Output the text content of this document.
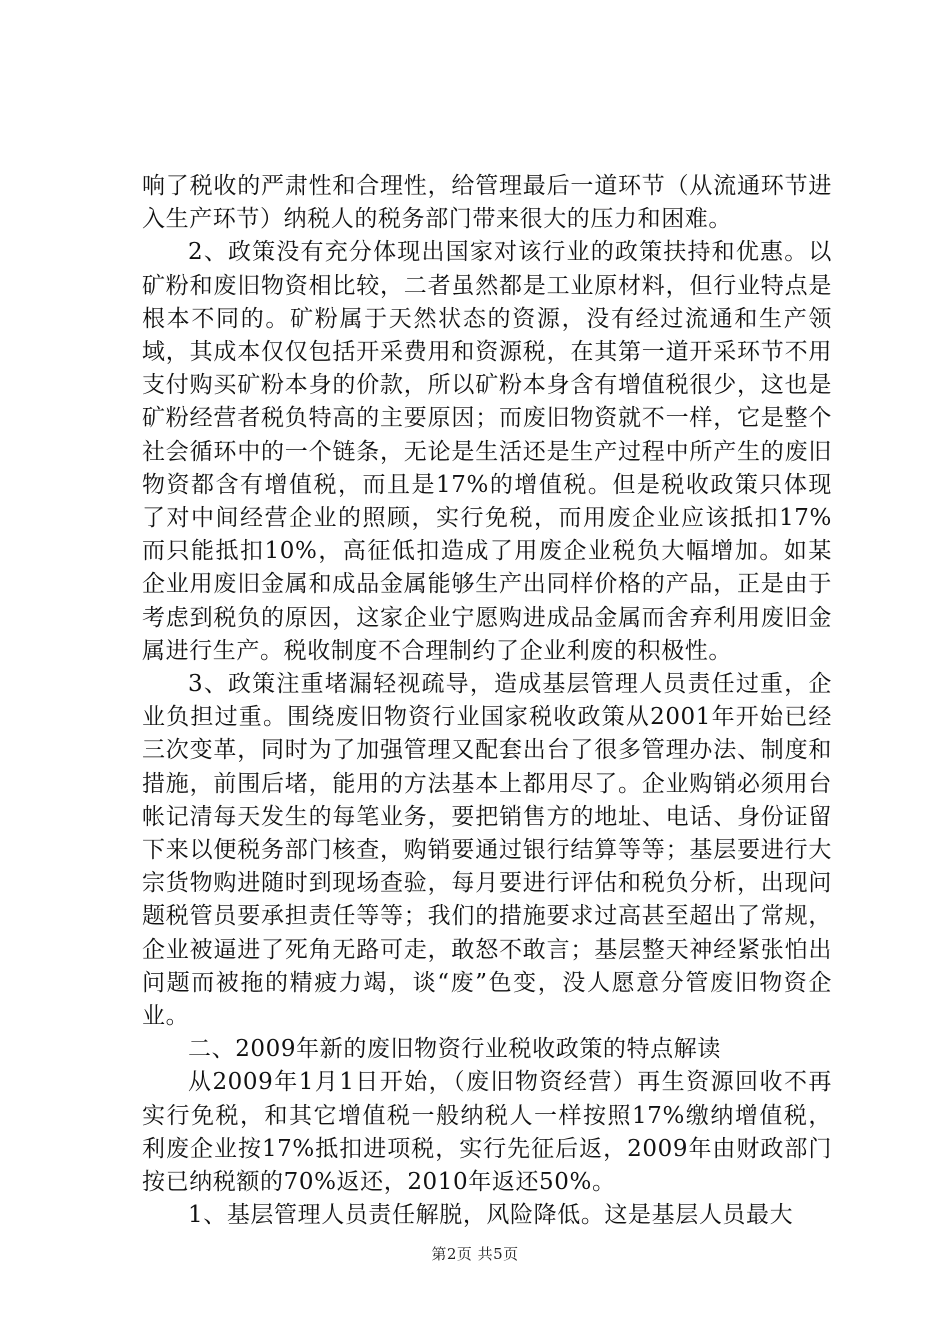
响了税收的严肃性和合理性，给管理最后一道环节（从流通环节进入生产环节）纳税人的税务部门带来很大的压力和困难。

2、政策没有充分体现出国家对该行业的政策扶持和优惠。以矿粉和废旧物资相比较，二者虽然都是工业原材料，但行业特点是根本不同的。矿粉属于天然状态的资源，没有经过流通和生产领域，其成本仅仅包括开采费用和资源税，在其第一道开采环节不用支付购买矿粉本身的价款，所以矿粉本身含有增值税很少，这也是矿粉经营者税负特高的主要原因；而废旧物资就不一样，它是整个社会循环中的一个链条，无论是生活还是生产过程中所产生的废旧物资都含有增值税，而且是17%的增值税。但是税收政策只体现了对中间经营企业的照顾，实行免税，而用废企业应该抵扣17%而只能抵扣10%，高征低扣造成了用废企业税负大幅增加。如某企业用废旧金属和成品金属能够生产出同样价格的产品，正是由于考虑到税负的原因，这家企业宁愿购进成品金属而舍弃利用废旧金属进行生产。税收制度不合理制约了企业利废的积极性。

3、政策注重堵漏轻视疏导，造成基层管理人员责任过重，企业负担过重。围绕废旧物资行业国家税收政策从2001年开始已经三次变革，同时为了加强管理又配套出台了很多管理办法、制度和措施，前围后堵，能用的方法基本上都用尽了。企业购销必须用台帐记清每天发生的每笔业务，要把销售方的地址、电话、身份证留下来以便税务部门核查，购销要通过银行结算等等；基层要进行大宗货物购进随时到现场查验，每月要进行评估和税负分析，出现问题税管员要承担责任等等；我们的措施要求过高甚至超出了常规，企业被逼进了死角无路可走，敢怒不敢言；基层整天神经紧张怕出问题而被拖的精疲力竭，谈“废”色变，没人愿意分管废旧物资企业。

二、2009年新的废旧物资行业税收政策的特点解读

从2009年1月1日开始，（废旧物资经营）再生资源回收不再实行免税，和其它增值税一般纳税人一样按照17%缴纳增值税，利废企业按17%抵扣进项税，实行先征后返，2009年由财政部门按已纳税额的70%返还，2010年返还50%。

1、基层管理人员责任解脱，风险降低。这是基层人员最大

第2页 共5页
